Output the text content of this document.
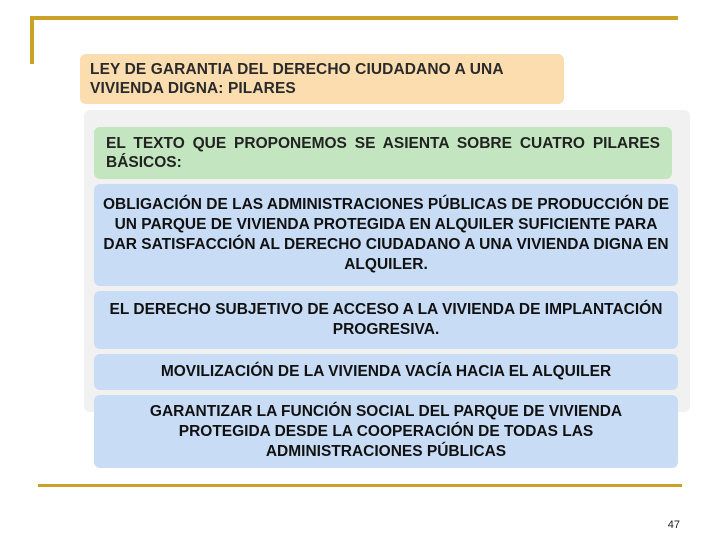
LEY DE GARANTIA DEL DERECHO CIUDADANO A UNA VIVIENDA DIGNA: PILARES
EL TEXTO QUE PROPONEMOS SE ASIENTA SOBRE CUATRO PILARES BÁSICOS:
OBLIGACIÓN DE LAS ADMINISTRACIONES PÚBLICAS DE PRODUCCIÓN DE UN PARQUE DE VIVIENDA PROTEGIDA EN ALQUILER SUFICIENTE PARA DAR SATISFACCIÓN AL DERECHO CIUDADANO A UNA VIVIENDA DIGNA EN ALQUILER.
EL DERECHO SUBJETIVO DE ACCESO A LA VIVIENDA DE IMPLANTACIÓN PROGRESIVA.
MOVILIZACIÓN DE LA VIVIENDA VACÍA HACIA EL ALQUILER
GARANTIZAR LA FUNCIÓN SOCIAL DEL PARQUE DE VIVIENDA PROTEGIDA DESDE LA COOPERACIÓN DE TODAS LAS ADMINISTRACIONES PÚBLICAS
47
